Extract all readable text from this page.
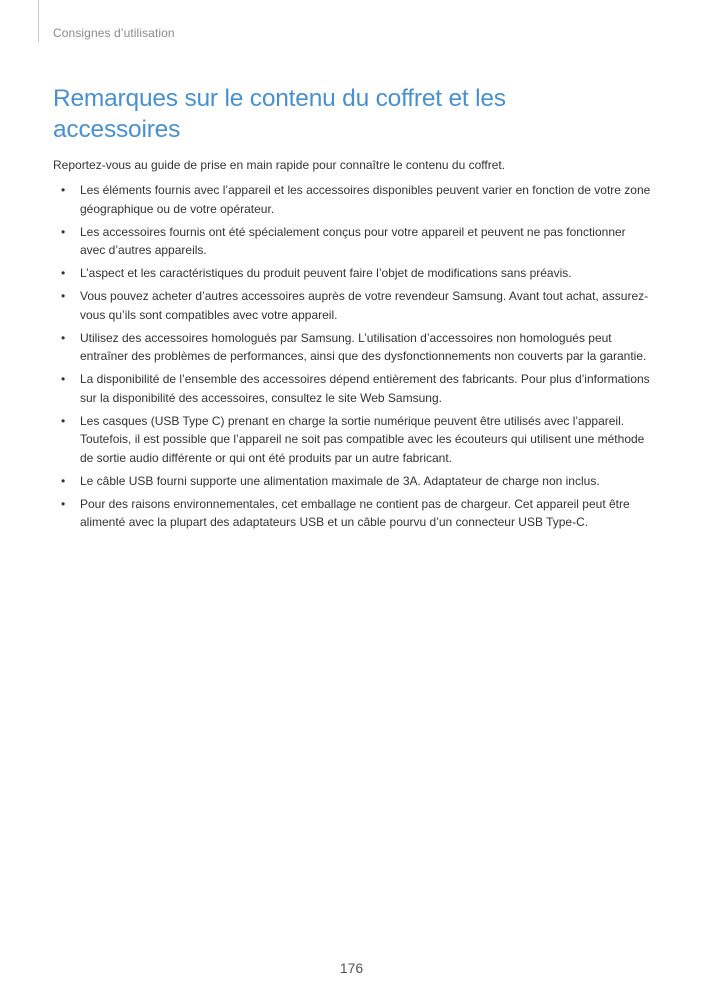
Consignes d’utilisation
Remarques sur le contenu du coffret et les accessoires

Reportez-vous au guide de prise en main rapide pour connaître le contenu du coffret.

• Les éléments fournis avec l’appareil et les accessoires disponibles peuvent varier en fonction de votre zone géographique ou de votre opérateur.
• Les accessoires fournis ont été spécialement conçus pour votre appareil et peuvent ne pas fonctionner avec d’autres appareils.
• L’aspect et les caractéristiques du produit peuvent faire l’objet de modifications sans préavis.
• Vous pouvez acheter d’autres accessoires auprès de votre revendeur Samsung. Avant tout achat, assurez-vous qu’ils sont compatibles avec votre appareil.
• Utilisez des accessoires homologués par Samsung. L’utilisation d’accessoires non homologués peut entraîner des problèmes de performances, ainsi que des dysfonctionnements non couverts par la garantie.
• La disponibilité de l’ensemble des accessoires dépend entièrement des fabricants. Pour plus d’informations sur la disponibilité des accessoires, consultez le site Web Samsung.
• Les casques (USB Type C) prenant en charge la sortie numérique peuvent être utilisés avec l’appareil. Toutefois, il est possible que l’appareil ne soit pas compatible avec les écouteurs qui utilisent une méthode de sortie audio différente or qui ont été produits par un autre fabricant.
• Le câble USB fourni supporte une alimentation maximale de 3A. Adaptateur de charge non inclus.
• Pour des raisons environnementales, cet emballage ne contient pas de chargeur. Cet appareil peut être alimenté avec la plupart des adaptateurs USB et un câble pourvu d’un connecteur USB Type-C.
176
